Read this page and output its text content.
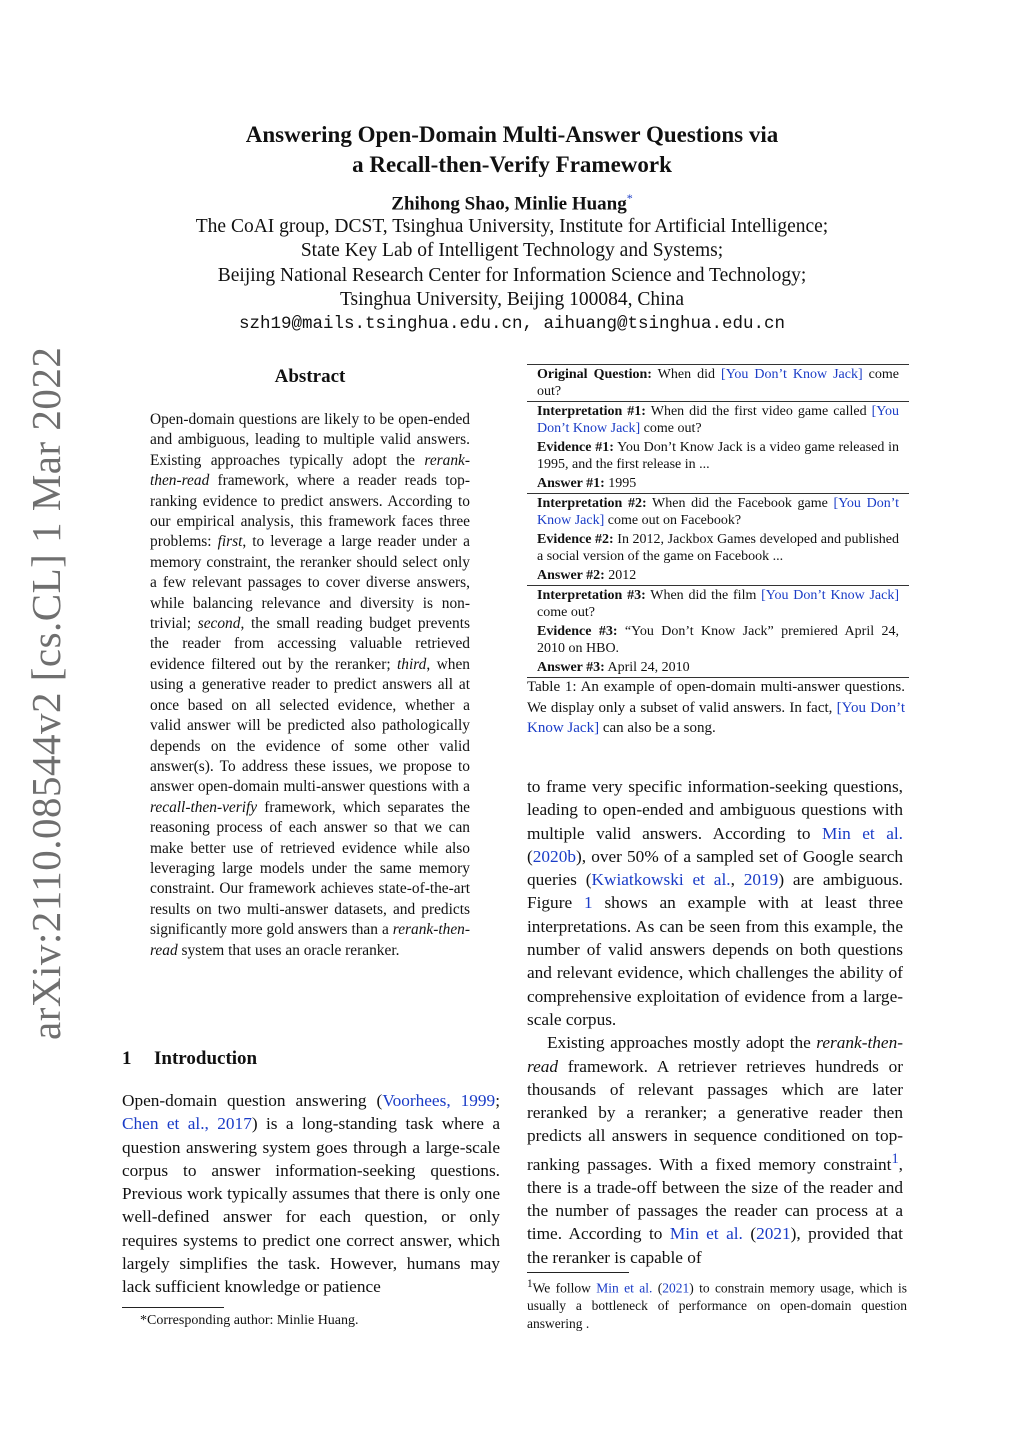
arXiv:2110.08544v2 [cs.CL] 1 Mar 2022
Answering Open-Domain Multi-Answer Questions via
a Recall-then-Verify Framework
Zhihong Shao, Minlie Huang*
The CoAI group, DCST, Tsinghua University, Institute for Artificial Intelligence;
State Key Lab of Intelligent Technology and Systems;
Beijing National Research Center for Information Science and Technology;
Tsinghua University, Beijing 100084, China
szh19@mails.tsinghua.edu.cn, aihuang@tsinghua.edu.cn
Abstract
Open-domain questions are likely to be open-ended and ambiguous, leading to multiple valid answers. Existing approaches typically adopt the rerank-then-read framework, where a reader reads top-ranking evidence to predict answers. According to our empirical analysis, this framework faces three problems: first, to leverage a large reader under a memory constraint, the reranker should select only a few relevant passages to cover diverse answers, while balancing relevance and diversity is non-trivial; second, the small reading budget prevents the reader from accessing valuable retrieved evidence filtered out by the reranker; third, when using a generative reader to predict answers all at once based on all selected evidence, whether a valid answer will be predicted also pathologically depends on the evidence of some other valid answer(s). To address these issues, we propose to answer open-domain multi-answer questions with a recall-then-verify framework, which separates the reasoning process of each answer so that we can make better use of retrieved evidence while also leveraging large models under the same memory constraint. Our framework achieves state-of-the-art results on two multi-answer datasets, and predicts significantly more gold answers than a rerank-then-read system that uses an oracle reranker.
1 Introduction
Open-domain question answering (Voorhees, 1999; Chen et al., 2017) is a long-standing task where a question answering system goes through a large-scale corpus to answer information-seeking questions. Previous work typically assumes that there is only one well-defined answer for each question, or only requires systems to predict one correct answer, which largely simplifies the task. However, humans may lack sufficient knowledge or patience
*Corresponding author: Minlie Huang.
Original Question: When did [You Don’t Know Jack] come out?
Interpretation #1: When did the first video game called [You Don’t Know Jack] come out?
Evidence #1: You Don’t Know Jack is a video game released in 1995, and the first release in ...
Answer #1: 1995
Interpretation #2: When did the Facebook game [You Don’t Know Jack] come out on Facebook?
Evidence #2: In 2012, Jackbox Games developed and published a social version of the game on Facebook ...
Answer #2: 2012
Interpretation #3: When did the film [You Don’t Know Jack] come out?
Evidence #3: “You Don’t Know Jack” premiered April 24, 2010 on HBO.
Answer #3: April 24, 2010
Table 1: An example of open-domain multi-answer questions. We display only a subset of valid answers. In fact, [You Don’t Know Jack] can also be a song.

to frame very specific information-seeking questions, leading to open-ended and ambiguous questions with multiple valid answers. According to Min et al. (2020b), over 50% of a sampled set of Google search queries (Kwiatkowski et al., 2019) are ambiguous. Figure 1 shows an example with at least three interpretations. As can be seen from this example, the number of valid answers depends on both questions and relevant evidence, which challenges the ability of comprehensive exploitation of evidence from a large-scale corpus.

Existing approaches mostly adopt the rerank-then-read framework. A retriever retrieves hundreds or thousands of relevant passages which are later reranked by a reranker; a generative reader then predicts all answers in sequence conditioned on top-ranking passages. With a fixed memory constraint$^1$, there is a trade-off between the size of the reader and the number of passages the reader can process at a time. According to Min et al. (2021), provided that the reranker is capable of

$^1$We follow Min et al. (2021) to constrain memory usage, which is usually a bottleneck of performance on open-domain question answering .
